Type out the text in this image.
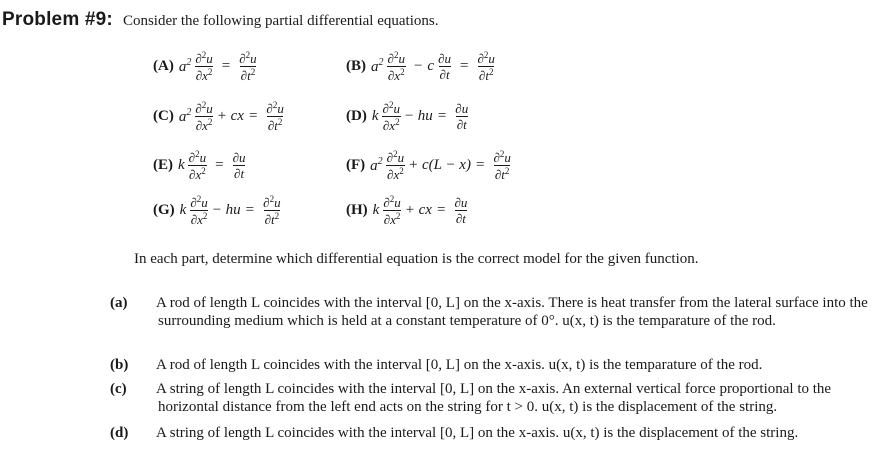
Problem #9: Consider the following partial differential equations.
(A) $a^2 \frac{\partial^2u}{\partial x^2} = \frac{\partial^2u}{\partial t^2}$	(B) $a^2 \frac{\partial^2u}{\partial x^2} - c \frac{\partial u}{\partial t} = \frac{\partial^2u}{\partial t^2}$
(C) $a^2 \frac{\partial^2u}{\partial x^2}$ + cx = $\frac{\partial^2u}{\partial t^2}$	(D) k $\frac{\partial^2u}{\partial x^2}$ − hu = $\frac{\partial u}{\partial t}$
(E) k $\frac{\partial^2u}{\partial x^2} = \frac{\partial u}{\partial t}$	(F) $a^2 \frac{\partial^2u}{\partial x^2} + c(L - x) = \frac{\partial^2u}{\partial t^2}$
(G) k $\frac{\partial^2u}{\partial x^2}$ − hu = $\frac{\partial^2u}{\partial t^2}$	(H) k $\frac{\partial^2u}{\partial x^2}$ + cx = $\frac{\partial u}{\partial t}$
In each part, determine which differential equation is the correct model for the given function.
(a) A rod of length L coincides with the interval [0, L] on the x-axis. There is heat transfer from the lateral surface into the surrounding medium which is held at a constant temperature of 0°. u(x, t) is the temparature of the rod.
(b) A rod of length L coincides with the interval [0, L] on the x-axis. u(x, t) is the temparature of the rod.
(c) A string of length L coincides with the interval [0, L] on the x-axis. An external vertical force proportional to the horizontal distance from the left end acts on the string for t > 0. u(x, t) is the displacement of the string.
(d) A string of length L coincides with the interval [0, L] on the x-axis. u(x, t) is the displacement of the string.
